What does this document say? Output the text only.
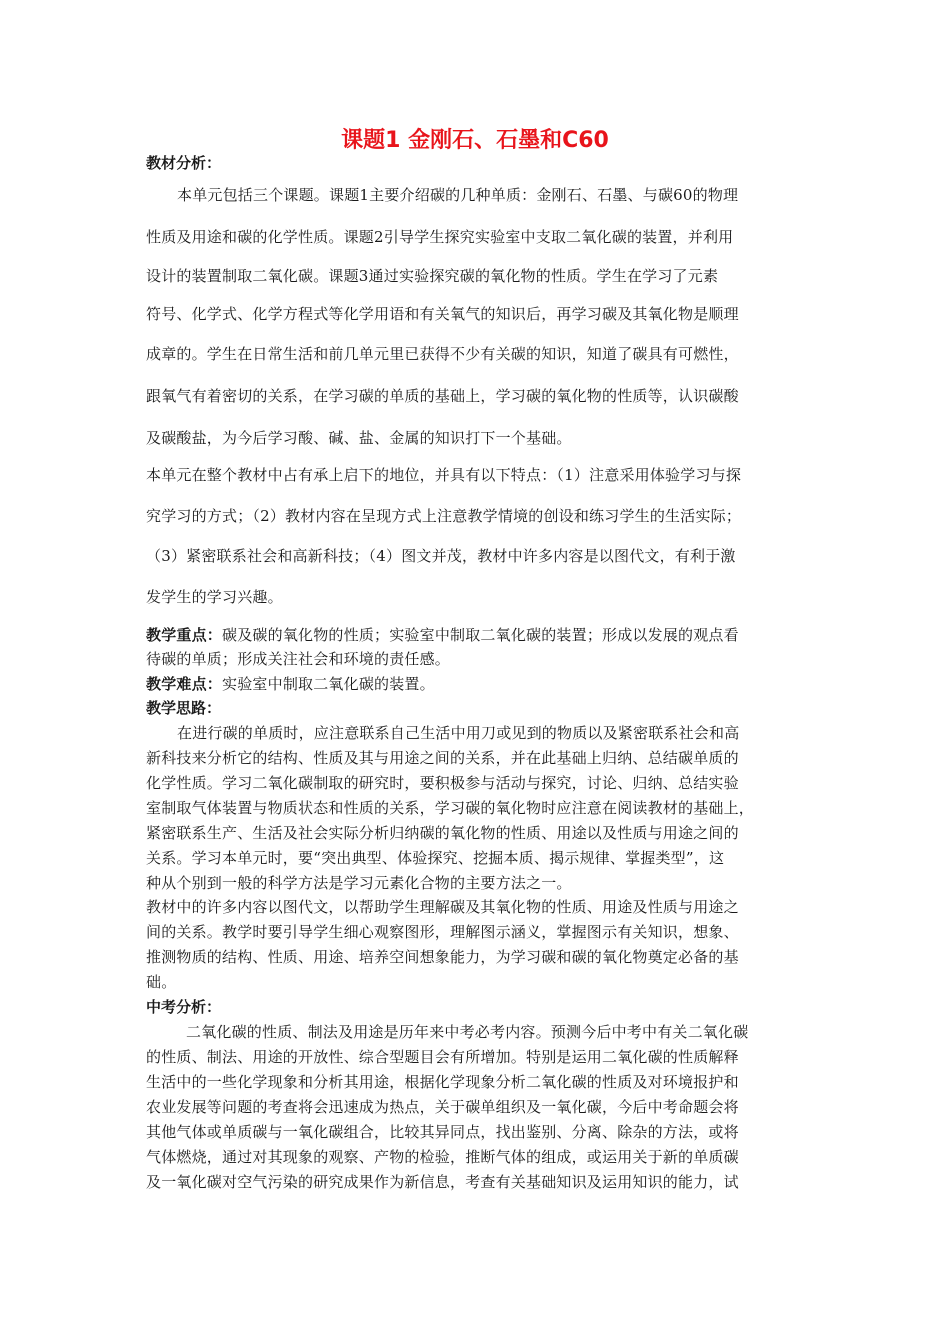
课题1 金刚石、石墨和C60
教材分析：
本单元包括三个课题。课题1主要介绍碳的几种单质：金刚石、石墨、与碳60的物理
性质及用途和碳的化学性质。课题2引导学生探究实验室中支取二氧化碳的装置，并利用
设计的装置制取二氧化碳。课题3通过实验探究碳的氧化物的性质。学生在学习了元素
符号、化学式、化学方程式等化学用语和有关氧气的知识后，再学习碳及其氧化物是顺理
成章的。学生在日常生活和前几单元里已获得不少有关碳的知识，知道了碳具有可燃性，
跟氧气有着密切的关系，在学习碳的单质的基础上，学习碳的氧化物的性质等，认识碳酸
及碳酸盐，为今后学习酸、碱、盐、金属的知识打下一个基础。
本单元在整个教材中占有承上启下的地位，并具有以下特点：（1）注意采用体验学习与探
究学习的方式；（2）教材内容在呈现方式上注意教学情境的创设和练习学生的生活实际；
（3）紧密联系社会和高新科技；（4）图文并茂，教材中许多内容是以图代文，有利于激
发学生的学习兴趣。
教学重点：碳及碳的氧化物的性质；实验室中制取二氧化碳的装置；形成以发展的观点看
待碳的单质；形成关注社会和环境的责任感。
教学难点：实验室中制取二氧化碳的装置。
教学思路：
在进行碳的单质时，应注意联系自己生活中用刀或见到的物质以及紧密联系社会和高
新科技来分析它的结构、性质及其与用途之间的关系，并在此基础上归纳、总结碳单质的
化学性质。学习二氧化碳制取的研究时，要积极参与活动与探究，讨论、归纳、总结实验
室制取气体装置与物质状态和性质的关系，学习碳的氧化物时应注意在阅读教材的基础上，
紧密联系生产、生活及社会实际分析归纳碳的氧化物的性质、用途以及性质与用途之间的
关系。学习本单元时，要“突出典型、体验探究、挖掘本质、揭示规律、掌握类型”，这
种从个别到一般的科学方法是学习元素化合物的主要方法之一。
教材中的许多内容以图代文，以帮助学生理解碳及其氧化物的性质、用途及性质与用途之
间的关系。教学时要引导学生细心观察图形，理解图示涵义，掌握图示有关知识，想象、
推测物质的结构、性质、用途、培养空间想象能力，为学习碳和碳的氧化物奠定必备的基
础。
中考分析：
二氧化碳的性质、制法及用途是历年来中考必考内容。预测今后中考中有关二氧化碳
的性质、制法、用途的开放性、综合型题目会有所增加。特别是运用二氧化碳的性质解释
生活中的一些化学现象和分析其用途，根据化学现象分析二氧化碳的性质及对环境报护和
农业发展等问题的考查将会迅速成为热点，关于碳单组织及一氧化碳，今后中考命题会将
其他气体或单质碳与一氧化碳组合，比较其异同点，找出鉴别、分离、除杂的方法，或将
气体燃烧，通过对其现象的观察、产物的检验，推断气体的组成，或运用关于新的单质碳
及一氧化碳对空气污染的研究成果作为新信息，考查有关基础知识及运用知识的能力，试
